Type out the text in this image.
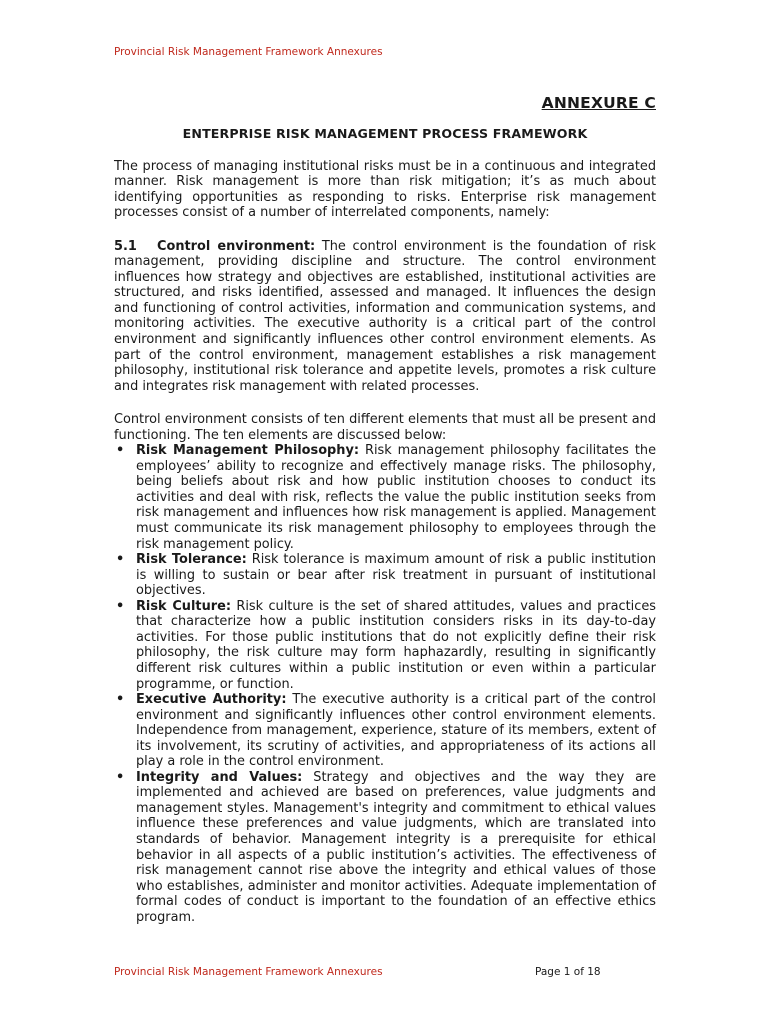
Provincial Risk Management Framework Annexures
ANNEXURE C
ENTERPRISE RISK MANAGEMENT PROCESS FRAMEWORK

The process of managing institutional risks must be in a continuous and integrated manner. Risk management is more than risk mitigation; it’s as much about identifying opportunities as responding to risks. Enterprise risk management processes consist of a number of interrelated components, namely:

5.1 Control environment: The control environment is the foundation of risk management, providing discipline and structure. The control environment influences how strategy and objectives are established, institutional activities are structured, and risks identified, assessed and managed. It influences the design and functioning of control activities, information and communication systems, and monitoring activities. The executive authority is a critical part of the control environment and significantly influences other control environment elements. As part of the control environment, management establishes a risk management philosophy, institutional risk tolerance and appetite levels, promotes a risk culture and integrates risk management with related processes.

Control environment consists of ten different elements that must all be present and functioning. The ten elements are discussed below:

• Risk Management Philosophy: Risk management philosophy facilitates the employees’ ability to recognize and effectively manage risks. The philosophy, being beliefs about risk and how public institution chooses to conduct its activities and deal with risk, reflects the value the public institution seeks from risk management and influences how risk management is applied. Management must communicate its risk management philosophy to employees through the risk management policy.
• Risk Tolerance: Risk tolerance is maximum amount of risk a public institution is willing to sustain or bear after risk treatment in pursuant of institutional objectives.
• Risk Culture: Risk culture is the set of shared attitudes, values and practices that characterize how a public institution considers risks in its day-to-day activities. For those public institutions that do not explicitly define their risk philosophy, the risk culture may form haphazardly, resulting in significantly different risk cultures within a public institution or even within a particular programme, or function.
• Executive Authority: The executive authority is a critical part of the control environment and significantly influences other control environment elements. Independence from management, experience, stature of its members, extent of its involvement, its scrutiny of activities, and appropriateness of its actions all play a role in the control environment.
• Integrity and Values: Strategy and objectives and the way they are implemented and achieved are based on preferences, value judgments and management styles. Management's integrity and commitment to ethical values influence these preferences and value judgments, which are translated into standards of behavior. Management integrity is a prerequisite for ethical behavior in all aspects of a public institution’s activities. The effectiveness of risk management cannot rise above the integrity and ethical values of those who establishes, administer and monitor activities. Adequate implementation of formal codes of conduct is important to the foundation of an effective ethics program.
Provincial Risk Management Framework Annexures	Page 1 of 18
